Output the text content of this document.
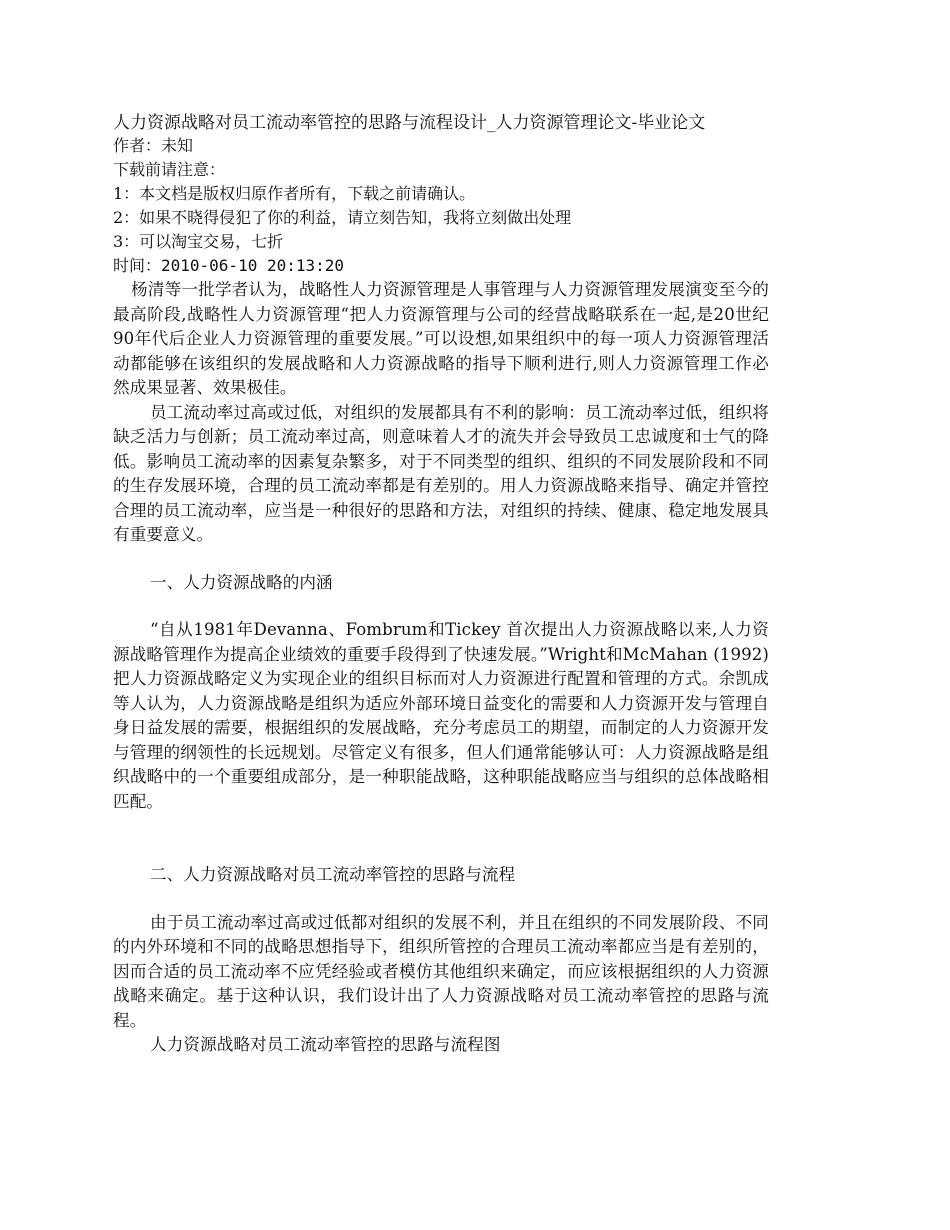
人力资源战略对员工流动率管控的思路与流程设计_人力资源管理论文-毕业论文

作者：未知

下载前请注意：

1：本文档是版权归原作者所有，下载之前请确认。

2：如果不晓得侵犯了你的利益，请立刻告知，我将立刻做出处理

3：可以淘宝交易，七折

时间：2010-06-10 20:13:20

杨清等一批学者认为，战略性人力资源管理是人事管理与人力资源管理发展演变至今的最高阶段,战略性人力资源管理“把人力资源管理与公司的经营战略联系在一起,是20世纪90年代后企业人力资源管理的重要发展。”可以设想,如果组织中的每一项人力资源管理活动都能够在该组织的发展战略和人力资源战略的指导下顺利进行,则人力资源管理工作必然成果显著、效果极佳。

员工流动率过高或过低，对组织的发展都具有不利的影响：员工流动率过低，组织将缺乏活力与创新；员工流动率过高，则意味着人才的流失并会导致员工忠诚度和士气的降低。影响员工流动率的因素复杂繁多，对于不同类型的组织、组织的不同发展阶段和不同的生存发展环境，合理的员工流动率都是有差别的。用人力资源战略来指导、确定并管控合理的员工流动率，应当是一种很好的思路和方法，对组织的持续、健康、稳定地发展具有重要意义。

一、人力资源战略的内涵

“自从1981年Devanna、Fombrum和Tickey 首次提出人力资源战略以来,人力资源战略管理作为提高企业绩效的重要手段得到了快速发展。”Wright和McMahan (1992) 把人力资源战略定义为实现企业的组织目标而对人力资源进行配置和管理的方式。余凯成等人认为，人力资源战略是组织为适应外部环境日益变化的需要和人力资源开发与管理自身日益发展的需要，根据组织的发展战略，充分考虑员工的期望，而制定的人力资源开发与管理的纲领性的长远规划。尽管定义有很多，但人们通常能够认可：人力资源战略是组织战略中的一个重要组成部分，是一种职能战略，这种职能战略应当与组织的总体战略相匹配。

二、人力资源战略对员工流动率管控的思路与流程

由于员工流动率过高或过低都对组织的发展不利，并且在组织的不同发展阶段、不同的内外环境和不同的战略思想指导下，组织所管控的合理员工流动率都应当是有差别的，因而合适的员工流动率不应凭经验或者模仿其他组织来确定，而应该根据组织的人力资源战略来确定。基于这种认识，我们设计出了人力资源战略对员工流动率管控的思路与流程。

人力资源战略对员工流动率管控的思路与流程图
